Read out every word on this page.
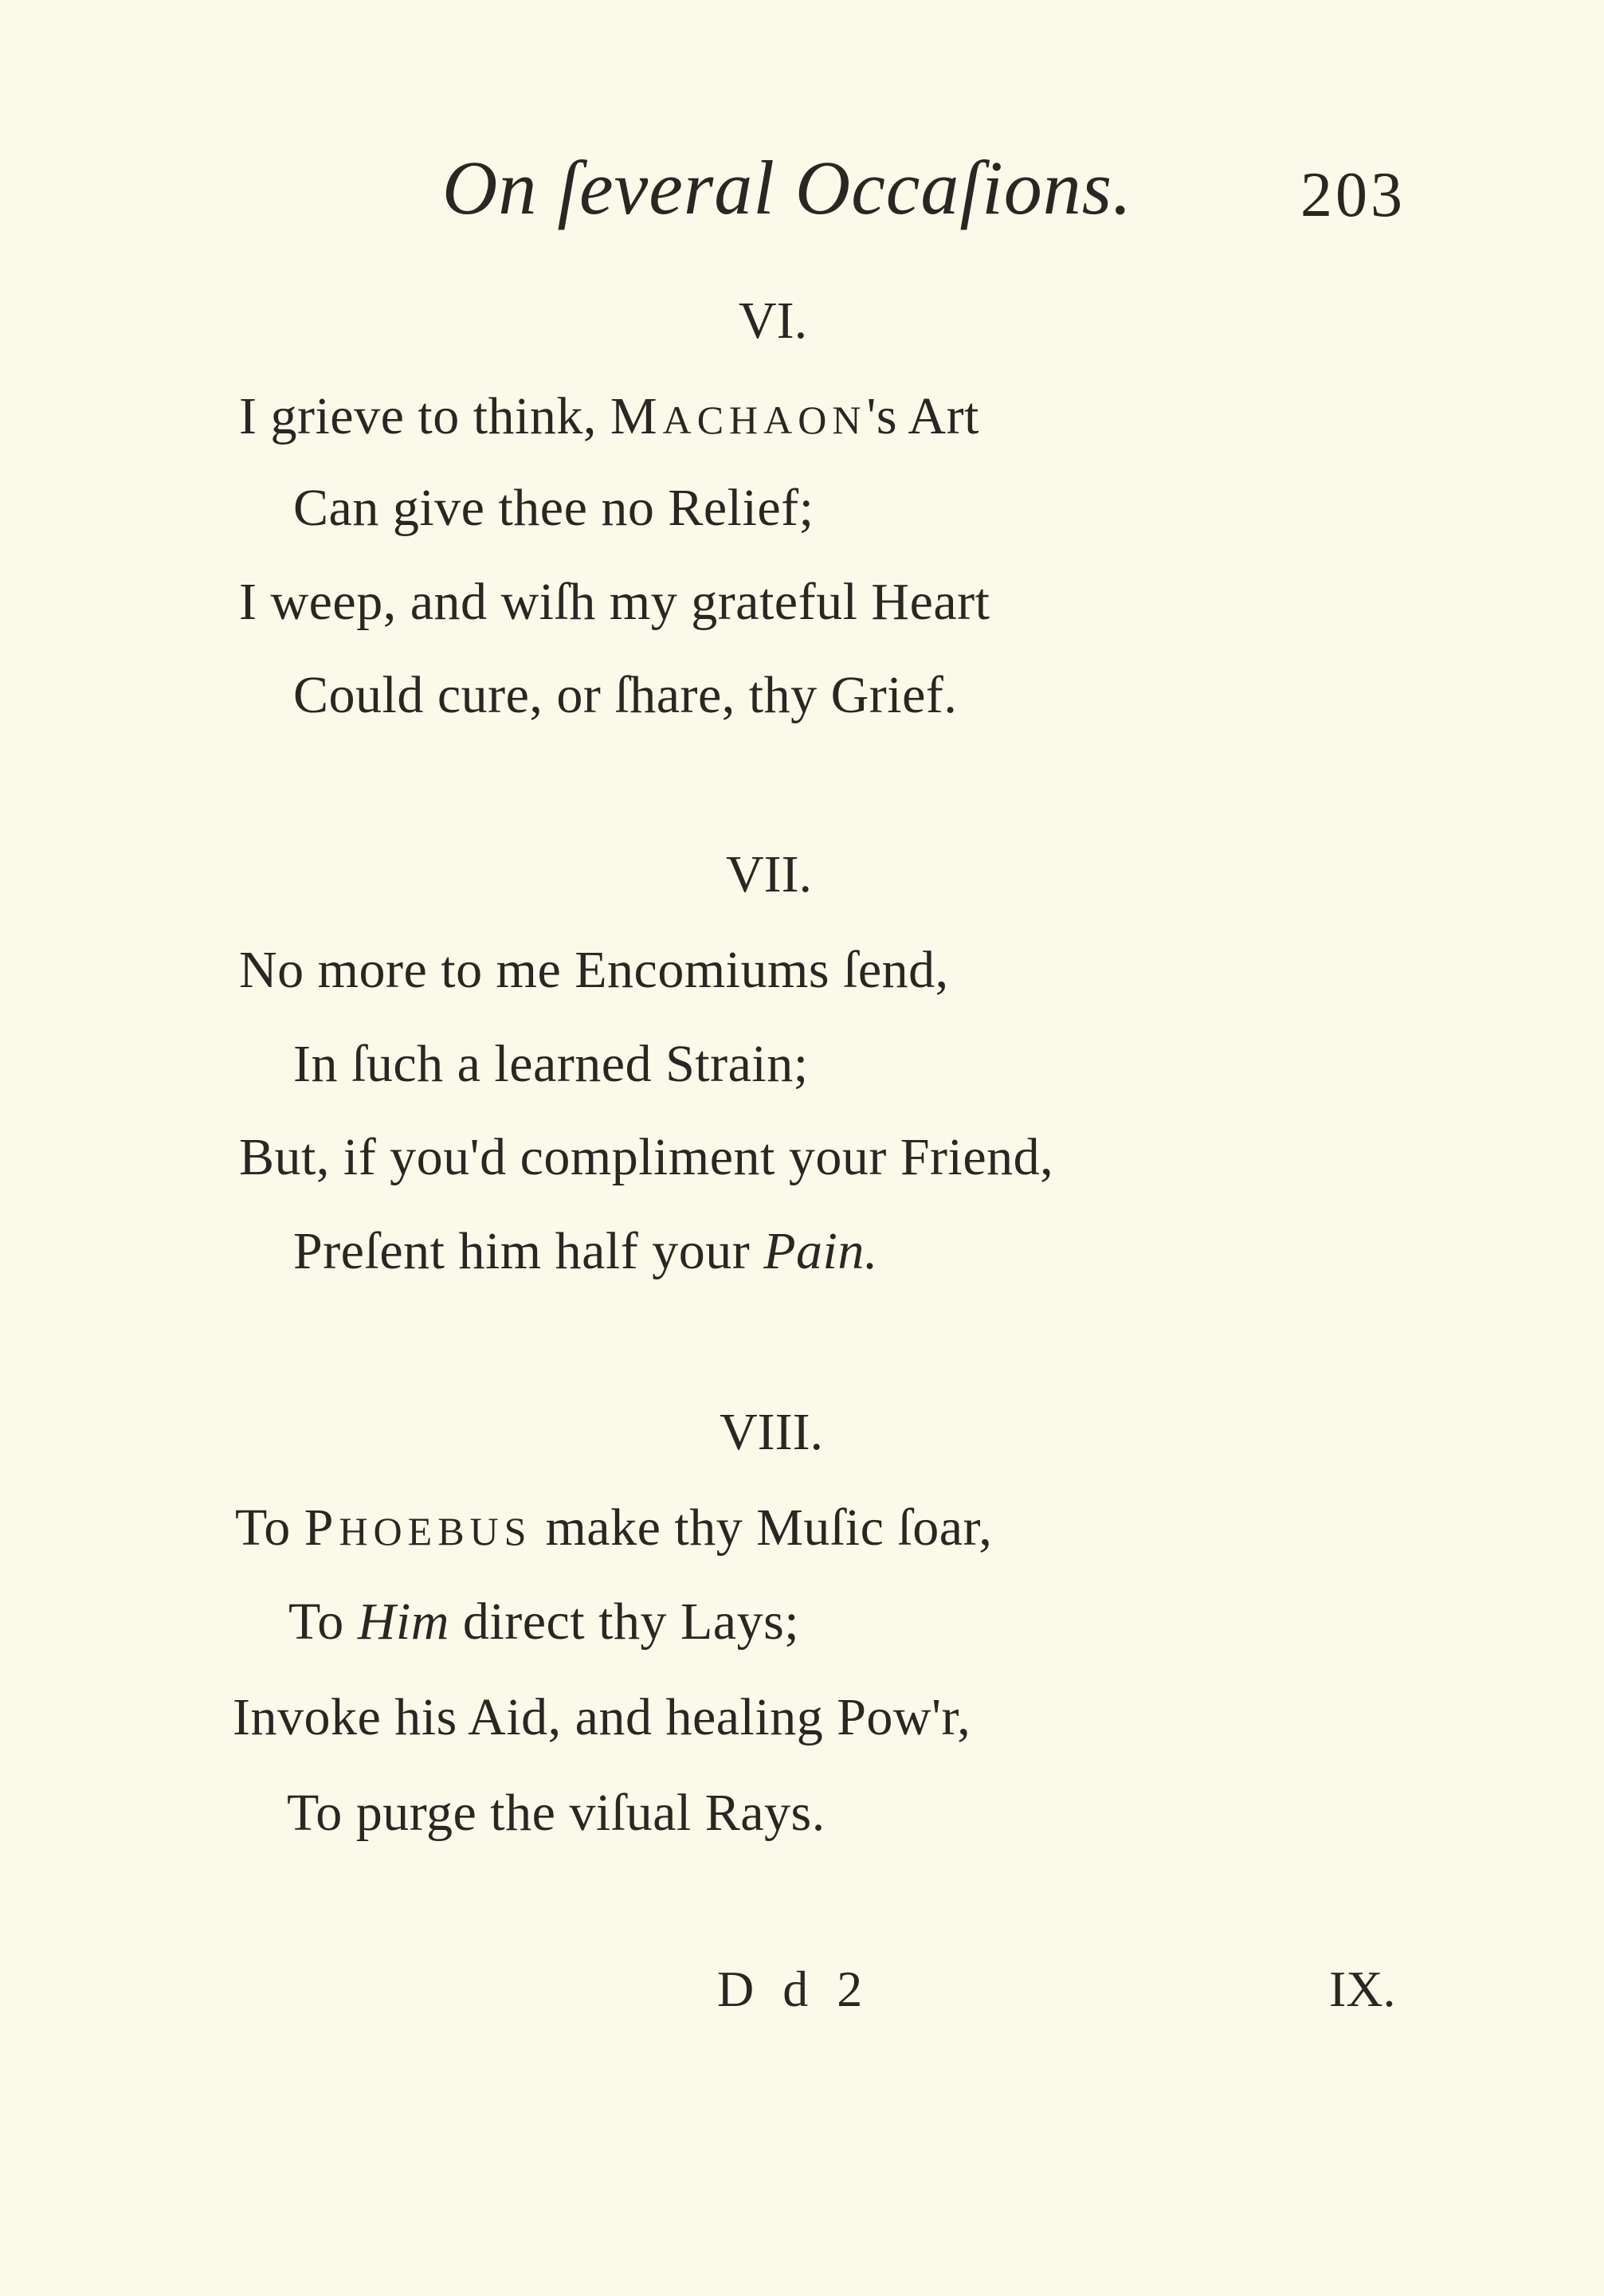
On ſeveral Occaſions.	203
VI.
I grieve to think, MACHAON's Art
Can give thee no Relief;
I weep, and wiſh my grateful Heart
Could cure, or ſhare, thy Grief.
VII.
No more to me Encomiums ſend,
In ſuch a learned Strain;
But, if you'd compliment your Friend,
Preſent him half your Pain.
VIII.
To PHOEBUS make thy Muſic ſoar,
To Him direct thy Lays;
Invoke his Aid, and healing Pow'r,
To purge the viſual Rays.
D d 2	IX.
